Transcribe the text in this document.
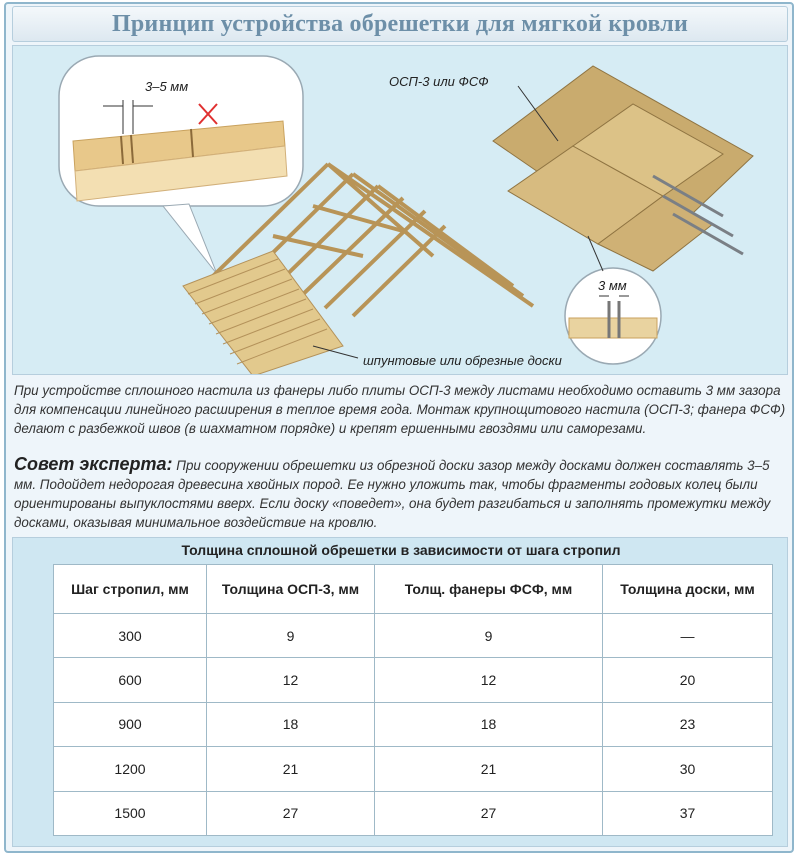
Принцип устройства обрешетки для мягкой кровли
3–5 мм	ОСП-3 или ФСФ
3 мм
шпунтовые или обрезные доски

При устройстве сплошного настила из фанеры либо плиты ОСП-3 между листами необходимо оставить 3 мм зазора для компенсации линейного расширения в теплое время года. Монтаж крупнощитового настила (ОСП-3; фанера ФСФ) делают с разбежкой швов (в шахматном порядке) и крепят ершенными гвоздями или саморезами.

Совет эксперта: При сооружении обрешетки из обрезной доски зазор между досками должен составлять 3–5 мм. Подойдет недорогая древесина хвойных пород. Ее нужно уложить так, чтобы фрагменты годовых колец были ориентированы выпуклостями вверх. Если доску «поведет», она будет разгибаться и заполнять промежутки между досками, оказывая минимальное воздействие на кровлю.

Толщина сплошной обрешетки в зависимости от шага стропил
Шаг стропил, мм	Толщина ОСП-3, мм	Толщ. фанеры ФСФ, мм	Толщина доски, мм
300	9	9	—
600	12	12	20
900	18	18	23
1200	21	21	30
1500	27	27	37
